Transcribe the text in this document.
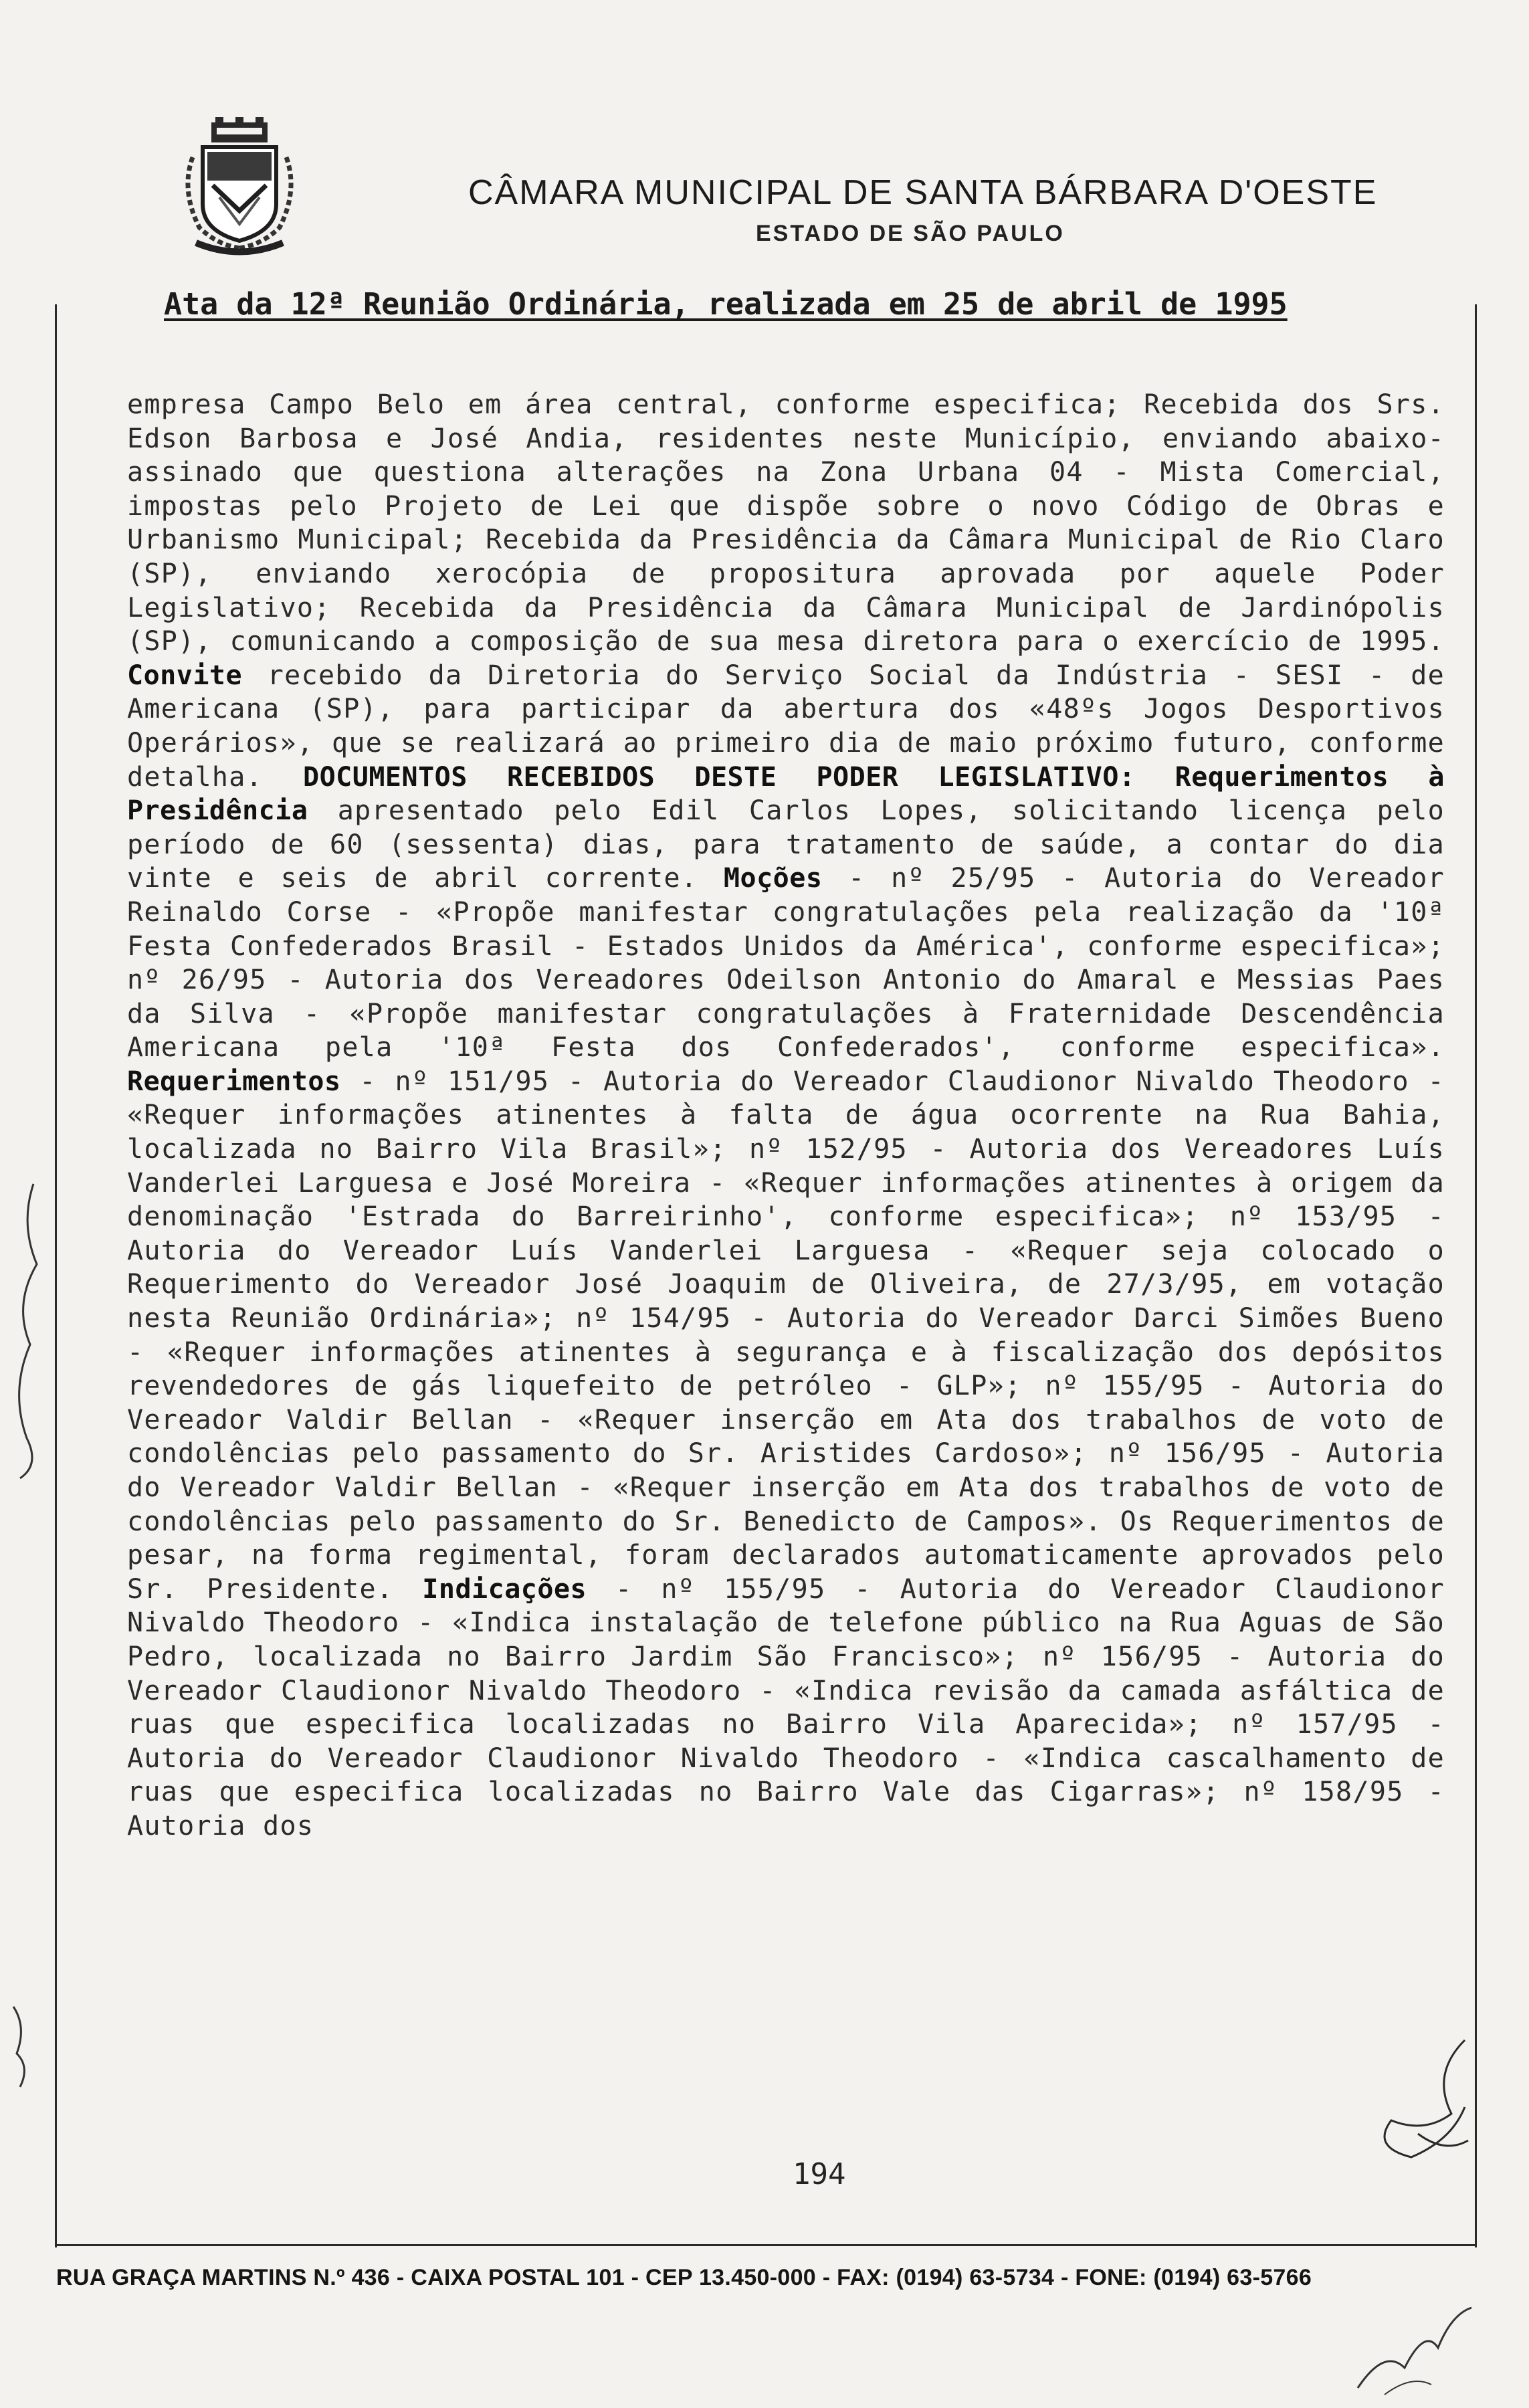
CÂMARA MUNICIPAL DE SANTA BÁRBARA D'OESTE
ESTADO DE SÃO PAULO
Ata da 12ª Reunião Ordinária, realizada em 25 de abril de 1995
empresa Campo Belo em área central, conforme especifica; Recebida dos Srs. Edson Barbosa e José Andia, residentes neste Município, enviando abaixo-assinado que questiona alterações na Zona Urbana 04 - Mista Comercial, impostas pelo Projeto de Lei que dispõe sobre o novo Código de Obras e Urbanismo Municipal; Recebida da Presidência da Câmara Municipal de Rio Claro (SP), enviando xerocópia de propositura aprovada por aquele Poder Legislativo; Recebida da Presidência da Câmara Municipal de Jardinópolis (SP), comunicando a composição de sua mesa diretora para o exercício de 1995. Convite recebido da Diretoria do Serviço Social da Indústria - SESI - de Americana (SP), para participar da abertura dos «48ºs Jogos Desportivos Operários», que se realizará ao primeiro dia de maio próximo futuro, conforme detalha. DOCUMENTOS RECEBIDOS DESTE PODER LEGISLATIVO: Requerimentos à Presidência apresentado pelo Edil Carlos Lopes, solicitando licença pelo período de 60 (sessenta) dias, para tratamento de saúde, a contar do dia vinte e seis de abril corrente. Moções - nº 25/95 - Autoria do Vereador Reinaldo Corse - «Propõe manifestar congratulações pela realização da '10ª Festa Confederados Brasil - Estados Unidos da América', conforme especifica»; nº 26/95 - Autoria dos Vereadores Odeilson Antonio do Amaral e Messias Paes da Silva - «Propõe manifestar congratulações à Fraternidade Descendência Americana pela '10ª Festa dos Confederados', conforme especifica». Requerimentos - nº 151/95 - Autoria do Vereador Claudionor Nivaldo Theodoro - «Requer informações atinentes à falta de água ocorrente na Rua Bahia, localizada no Bairro Vila Brasil»; nº 152/95 - Autoria dos Vereadores Luís Vanderlei Larguesa e José Moreira - «Requer informações atinentes à origem da denominação 'Estrada do Barreirinho', conforme especifica»; nº 153/95 - Autoria do Vereador Luís Vanderlei Larguesa - «Requer seja colocado o Requerimento do Vereador José Joaquim de Oliveira, de 27/3/95, em votação nesta Reunião Ordinária»; nº 154/95 - Autoria do Vereador Darci Simões Bueno - «Requer informações atinentes à segurança e à fiscalização dos depósitos revendedores de gás liquefeito de petróleo - GLP»; nº 155/95 - Autoria do Vereador Valdir Bellan - «Requer inserção em Ata dos trabalhos de voto de condolências pelo passamento do Sr. Aristides Cardoso»; nº 156/95 - Autoria do Vereador Valdir Bellan - «Requer inserção em Ata dos trabalhos de voto de condolências pelo passamento do Sr. Benedicto de Campos». Os Requerimentos de pesar, na forma regimental, foram declarados automaticamente aprovados pelo Sr. Presidente. Indicações - nº 155/95 - Autoria do Vereador Claudionor Nivaldo Theodoro - «Indica instalação de telefone público na Rua Aguas de São Pedro, localizada no Bairro Jardim São Francisco»; nº 156/95 - Autoria do Vereador Claudionor Nivaldo Theodoro - «Indica revisão da camada asfáltica de ruas que especifica localizadas no Bairro Vila Aparecida»; nº 157/95 - Autoria do Vereador Claudionor Nivaldo Theodoro - «Indica cascalhamento de ruas que especifica localizadas no Bairro Vale das Cigarras»; nº 158/95 - Autoria dos
194
RUA GRAÇA MARTINS N.º 436 - CAIXA POSTAL 101 - CEP 13.450-000 - FAX: (0194) 63-5734 - FONE: (0194) 63-5766
